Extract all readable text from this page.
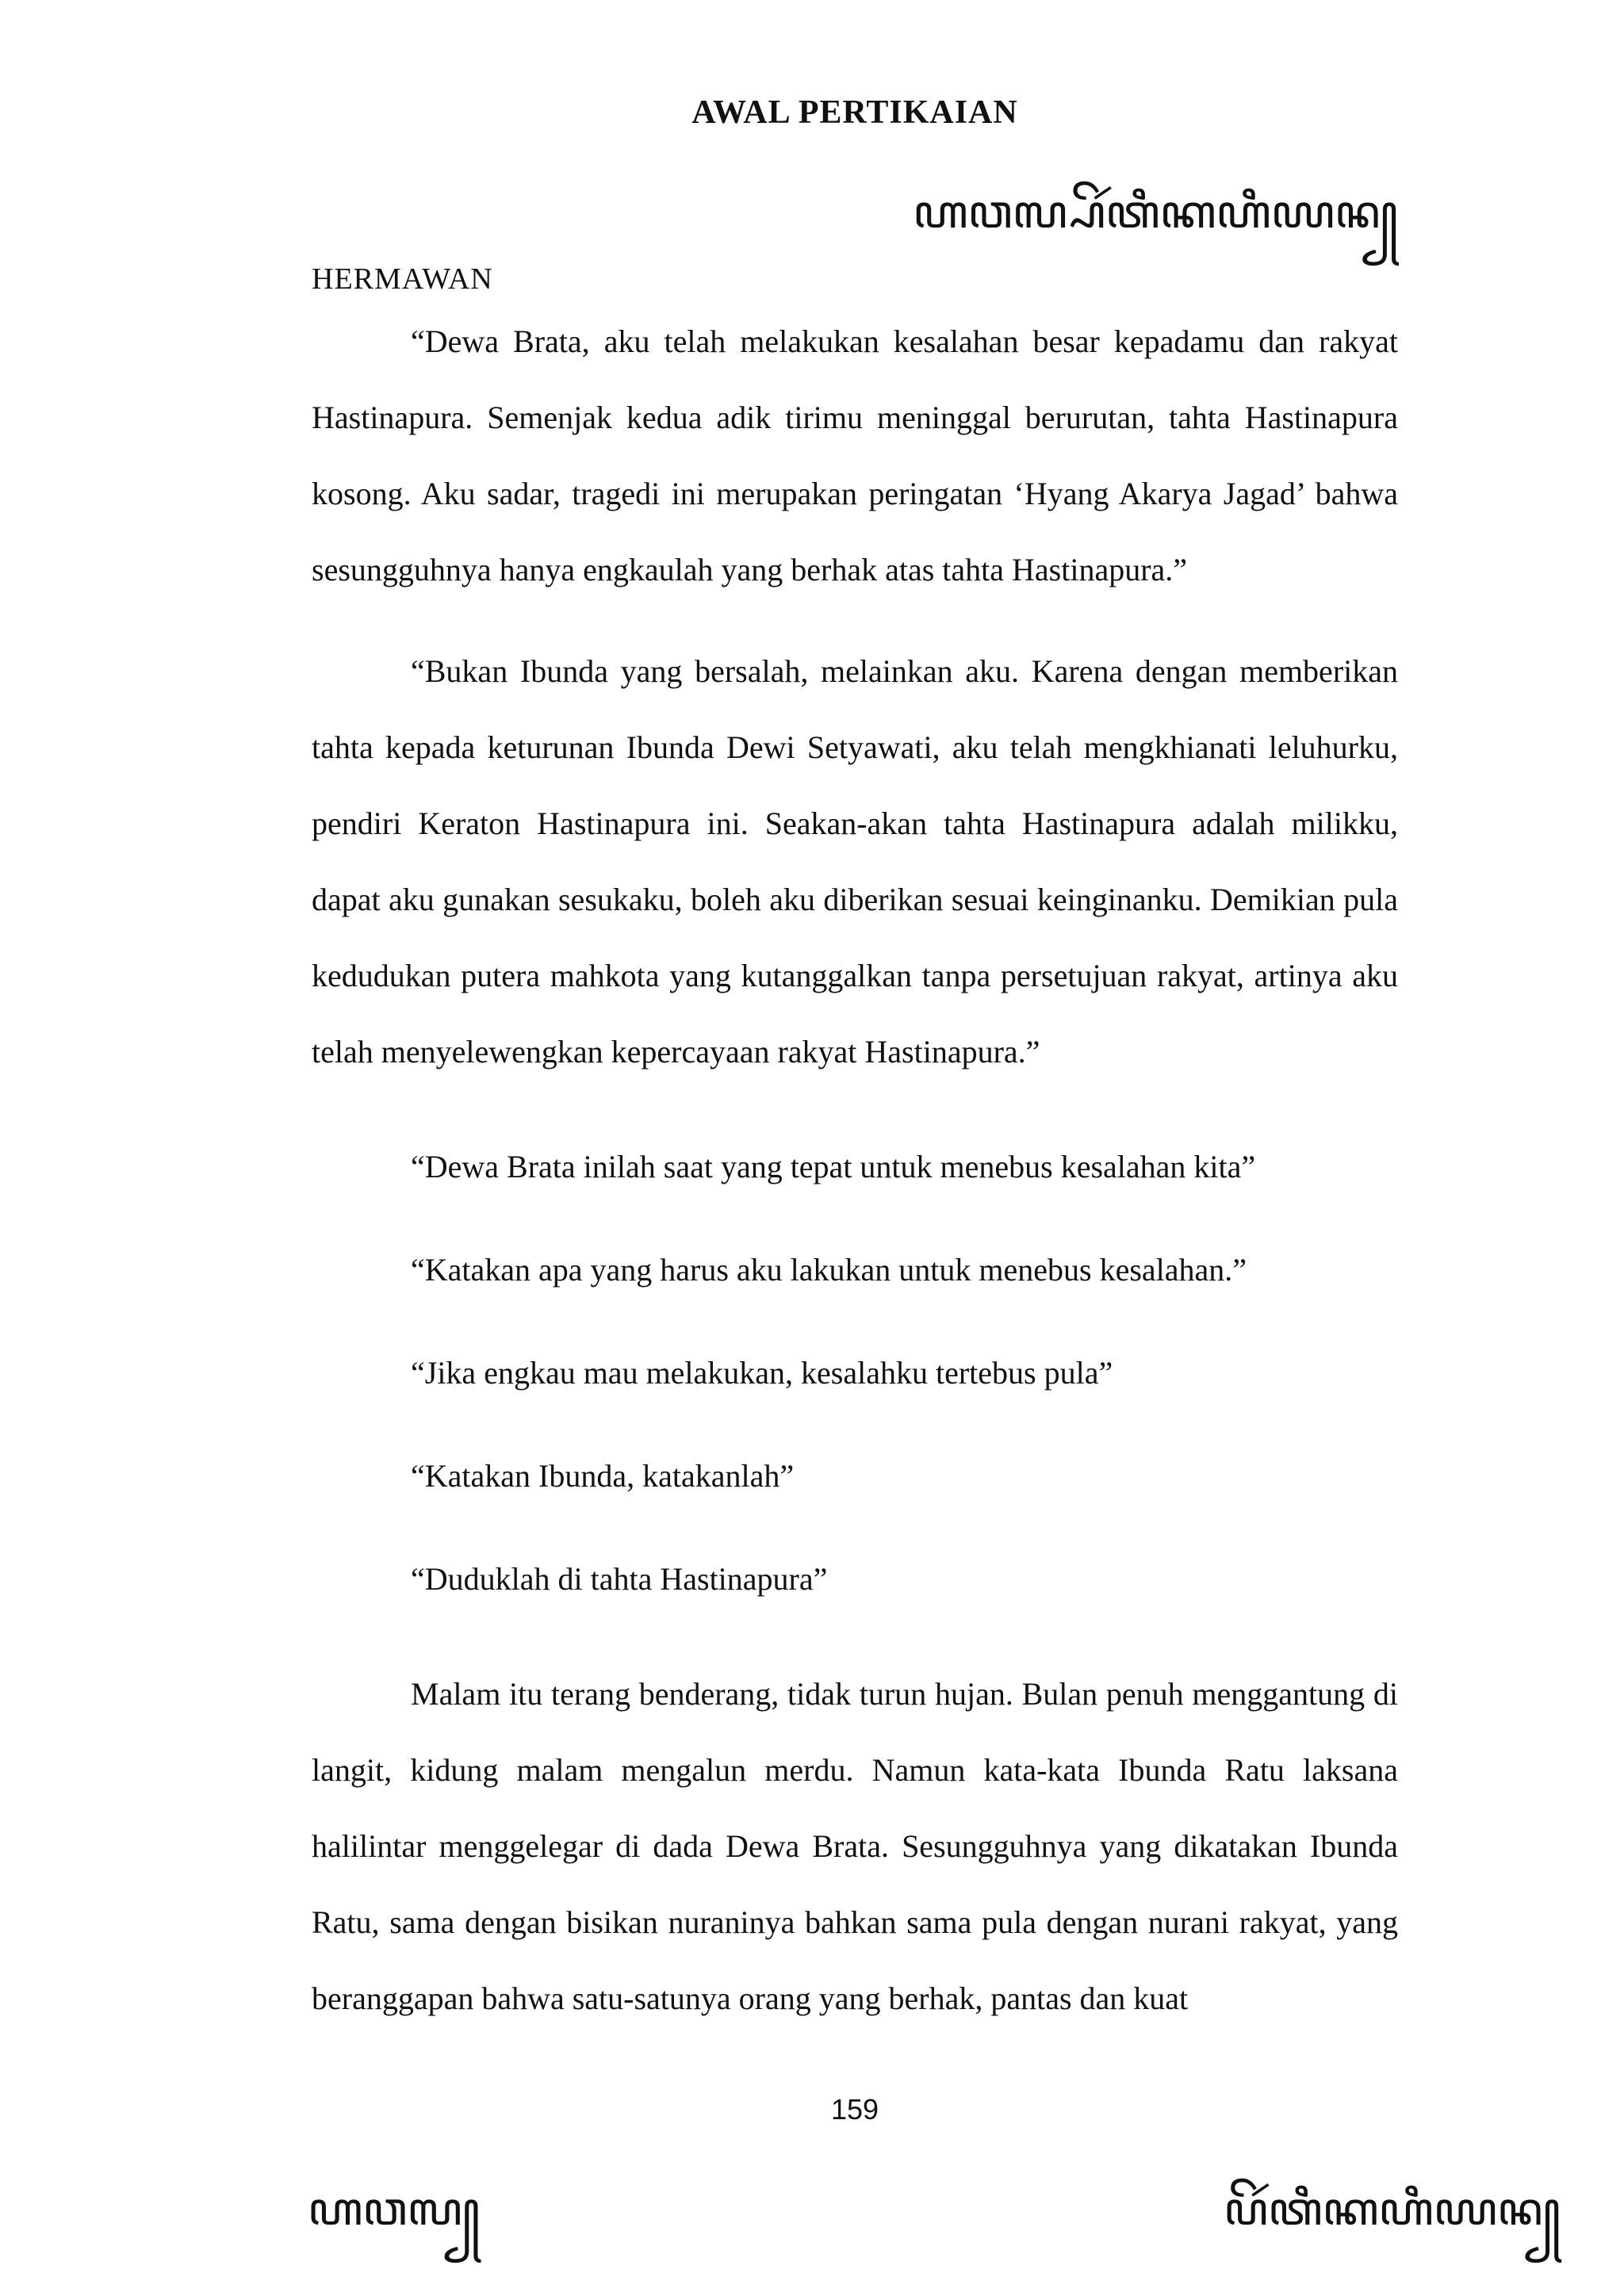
AWAL PERTIKAIAN
ꦲꦮꦭ꧀ꦥꦼꦂꦠꦶꦏꦲꦶꦪꦤ꧀
HERMAWAN

“Dewa Brata, aku telah melakukan kesalahan besar kepadamu dan rakyat Hastinapura. Semenjak kedua adik tirimu meninggal berurutan, tahta Hastinapura kosong. Aku sadar, tragedi ini merupakan peringatan ‘Hyang Akarya Jagad’ bahwa sesungguhnya hanya engkaulah yang berhak atas tahta Hastinapura.”

“Bukan Ibunda yang bersalah, melainkan aku. Karena dengan memberikan tahta kepada keturunan Ibunda Dewi Setyawati, aku telah mengkhianati leluhurku, pendiri Keraton Hastinapura ini. Seakan-akan tahta Hastinapura adalah milikku, dapat aku gunakan sesukaku, boleh aku diberikan sesuai keinginanku. Demikian pula kedudukan putera mahkota yang kutanggalkan tanpa persetujuan rakyat, artinya aku telah menyelewengkan kepercayaan rakyat Hastinapura.”

“Dewa Brata inilah saat yang tepat untuk menebus kesalahan kita”

“Katakan apa yang harus aku lakukan untuk menebus kesalahan.”

“Jika engkau mau melakukan, kesalahku tertebus pula”

“Katakan Ibunda, katakanlah”

“Duduklah di tahta Hastinapura”

Malam itu terang benderang, tidak turun hujan. Bulan penuh menggantung di langit, kidung malam mengalun merdu. Namun kata-kata Ibunda Ratu laksana halilintar menggelegar di dada Dewa Brata. Sesungguhnya yang dikatakan Ibunda Ratu, sama dengan bisikan nuraninya bahkan sama pula dengan nurani rakyat, yang beranggapan bahwa satu-satunya orang yang berhak, pantas dan kuat

159
ꦲꦮꦭ꧀	ꦥꦼꦂꦠꦶꦏꦲꦶꦪꦤ꧀
